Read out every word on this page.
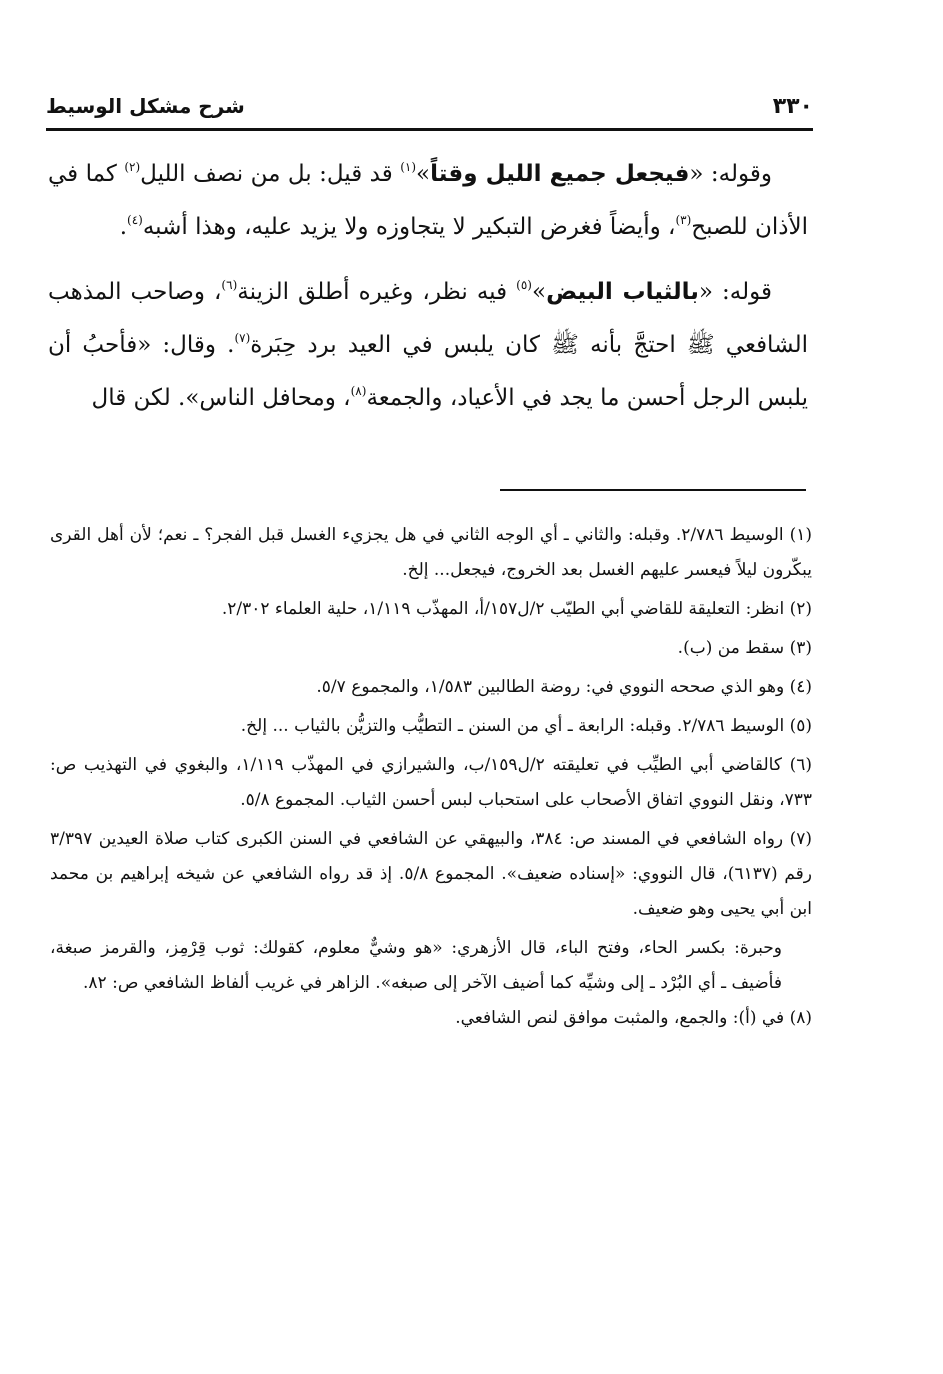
٣٣٠
شرح مشكل الوسيط

وقوله: «فيجعل جميع الليل وقتاً»$^{(١)}$ قد قيل: بل من نصف الليل$^{(٢)}$ كما في الأذان للصبح$^{(٣)}$، وأيضاً فغرض التبكير لا يتجاوزه ولا يزيد عليه، وهذا أشبه$^{(٤)}$.

قوله: «بالثياب البيض»$^{(٥)}$ فيه نظر، وغيره أطلق الزينة$^{(٦)}$، وصاحب المذهب الشافعي ﷺ احتجَّ بأنه ﷺ كان يلبس في العيد برد حِبَرة$^{(٧)}$. وقال: «فأحبُ أن يلبس الرجل أحسن ما يجد في الأعياد، والجمعة$^{(٨)}$، ومحافل الناس». لكن قال

(١) الوسيط ٢/٧٨٦. وقبله: والثاني ـ أي الوجه الثاني في هل يجزيء الغسل قبل الفجر؟ ـ نعم؛ لأن أهل القرى يبكّرون ليلاً فيعسر عليهم الغسل بعد الخروج، فيجعل... إلخ.

(٢) انظر: التعليقة للقاضي أبي الطيّب ٢/ل١٥٧/أ، المهذّب ١/١١٩، حلية العلماء ٢/٣٠٢.

(٣) سقط من (ب).

(٤) وهو الذي صححه النووي في: روضة الطالبين ١/٥٨٣، والمجموع ٥/٧.

(٥) الوسيط ٢/٧٨٦. وقبله: الرابعة ـ أي من السنن ـ التطيُّب والتزيُّن بالثياب ... إلخ.

(٦) كالقاضي أبي الطيِّب في تعليقته ٢/ل١٥٩/ب، والشيرازي في المهذّب ١/١١٩، والبغوي في التهذيب ص: ٧٣٣، ونقل النووي اتفاق الأصحاب على استحباب لبس أحسن الثياب. المجموع ٥/٨.

(٧) رواه الشافعي في المسند ص: ٣٨٤، والبيهقي عن الشافعي في السنن الكبرى كتاب صلاة العيدين ٣/٣٩٧ رقم (٦١٣٧)، قال النووي: «إسناده ضعيف». المجموع ٥/٨. إذ قد رواه الشافعي عن شيخه إبراهيم بن محمد ابن أبي يحيى وهو ضعيف.

وحبرة: بكسر الحاء، وفتح الباء، قال الأزهري: «هو وشيٌّ معلوم، كقولك: ثوب قِرْمِز، والقرمز صبغة، فأضيف ـ أي البُرْد ـ إلى وشيِّه كما أضيف الآخر إلى صبغه». الزاهر في غريب ألفاظ الشافعي ص: ٨٢.

(٨) في (أ): والجمع، والمثبت موافق لنص الشافعي.
